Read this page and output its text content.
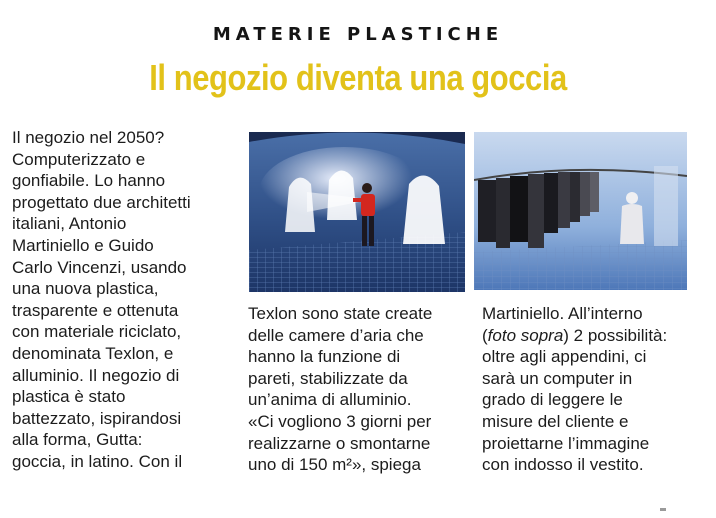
MATERIE PLASTICHE
Il negozio diventa una goccia
Il negozio nel 2050?
Computerizzato e
gonfiabile. Lo hanno
progettato due architetti
italiani, Antonio
Martiniello e Guido
Carlo Vincenzi, usando
una nuova plastica,
trasparente e ottenuta
con materiale riciclato,
denominata Texlon, e
alluminio. Il negozio di
plastica è stato
battezzato, ispirandosi
alla forma, Gutta:
goccia, in latino. Con il
Texlon sono state create
delle camere d’aria che
hanno la funzione di
pareti, stabilizzate da
un’anima di alluminio.
«Ci vogliono 3 giorni per
realizzarne o smontarne
uno di 150 m²», spiega
Martiniello. All’interno
(foto sopra) 2 possibilità:
oltre agli appendini, ci
sarà un computer in
grado di leggere le
misure del cliente e
proiettarne l’immagine
con indosso il vestito.
